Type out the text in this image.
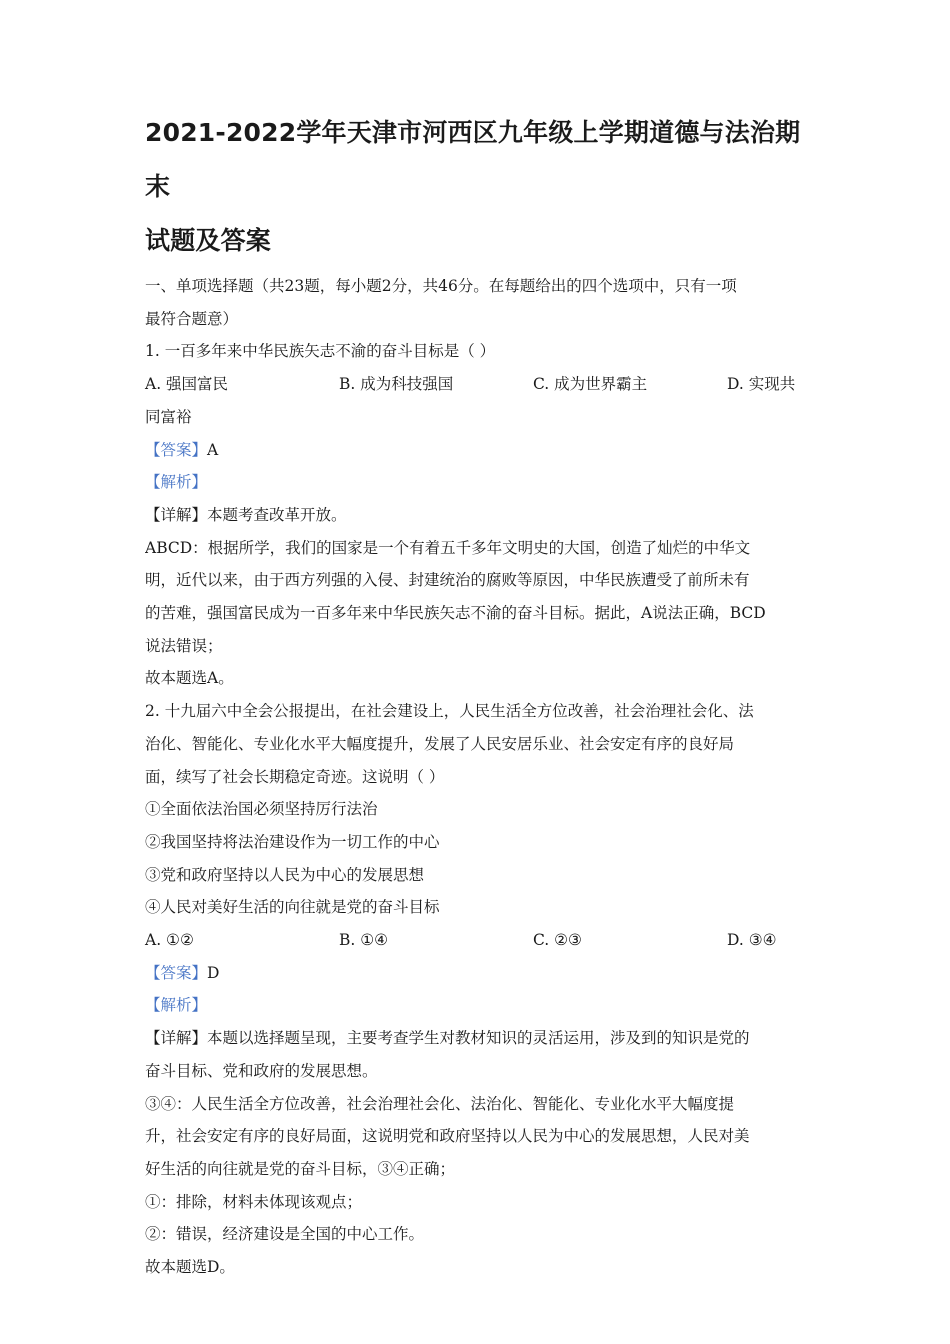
2021-2022学年天津市河西区九年级上学期道德与法治期末
试题及答案
一、单项选择题（共23题，每小题2分，共46分。在每题给出的四个选项中，只有一项
最符合题意）
1. 一百多年来中华民族矢志不渝的奋斗目标是（ ）
A. 强国富民	B. 成为科技强国	C. 成为世界霸主	D. 实现共
同富裕
【答案】A
【解析】
【详解】本题考查改革开放。
ABCD：根据所学，我们的国家是一个有着五千多年文明史的大国，创造了灿烂的中华文
明，近代以来，由于西方列强的入侵、封建统治的腐败等原因，中华民族遭受了前所未有
的苦难，强国富民成为一百多年来中华民族矢志不渝的奋斗目标。据此，A说法正确，BCD
说法错误；
故本题选A。
2. 十九届六中全会公报提出，在社会建设上，人民生活全方位改善，社会治理社会化、法
治化、智能化、专业化水平大幅度提升，发展了人民安居乐业、社会安定有序的良好局
面，续写了社会长期稳定奇迹。这说明（ ）
①全面依法治国必须坚持厉行法治
②我国坚持将法治建设作为一切工作的中心
③党和政府坚持以人民为中心的发展思想
④人民对美好生活的向往就是党的奋斗目标
A. ①②	B. ①④	C. ②③	D. ③④
【答案】D
【解析】
【详解】本题以选择题呈现，主要考查学生对教材知识的灵活运用，涉及到的知识是党的
奋斗目标、党和政府的发展思想。
③④：人民生活全方位改善，社会治理社会化、法治化、智能化、专业化水平大幅度提
升，社会安定有序的良好局面，这说明党和政府坚持以人民为中心的发展思想，人民对美
好生活的向往就是党的奋斗目标，③④正确；
①：排除，材料未体现该观点；
②：错误，经济建设是全国的中心工作。
故本题选D。
